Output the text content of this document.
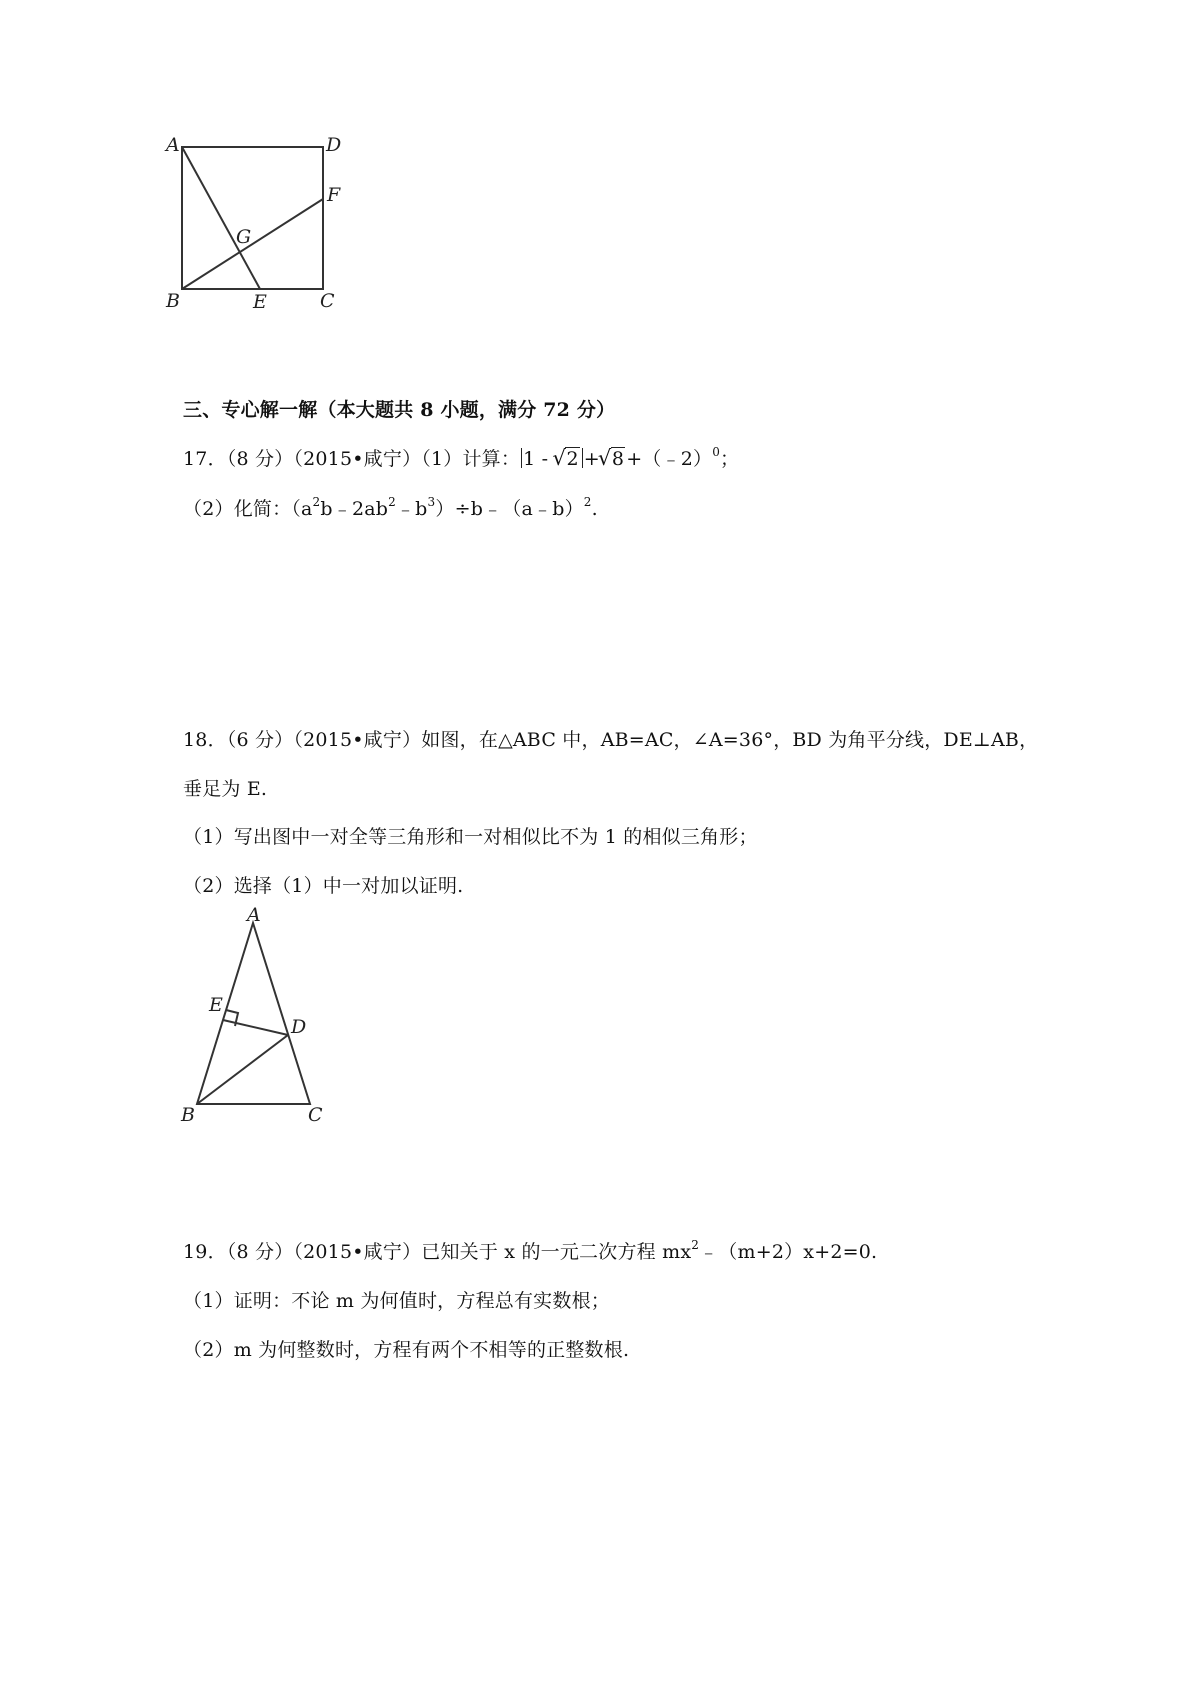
A	D
F
G
B	E	C
三、专心解一解（本大题共 8 小题，满分 72 分）
17．（8 分）（2015•咸宁）（1）计算： 1 - √ 2 +√ 8 +（﹣2）$^0$；
（2）化简：$(a^2b﹣2ab^2﹣b^3)\div b﹣(a﹣b)^2$.
18．（6 分）（2015•咸宁）如图，在△ABC 中，AB=AC，∠A=36°，BD 为角平分线，DE⊥AB，
垂足为 E.
（1）写出图中一对全等三角形和一对相似比不为 1 的相似三角形；
（2）选择（1）中一对加以证明.
A
E
D
B	C
19．（8 分）（2015•咸宁）已知关于 x 的一元二次方程 $mx^2﹣(m+2)x+2=0$.
（1）证明：不论 m 为何值时，方程总有实数根；
（2）m 为何整数时，方程有两个不相等的正整数根.
